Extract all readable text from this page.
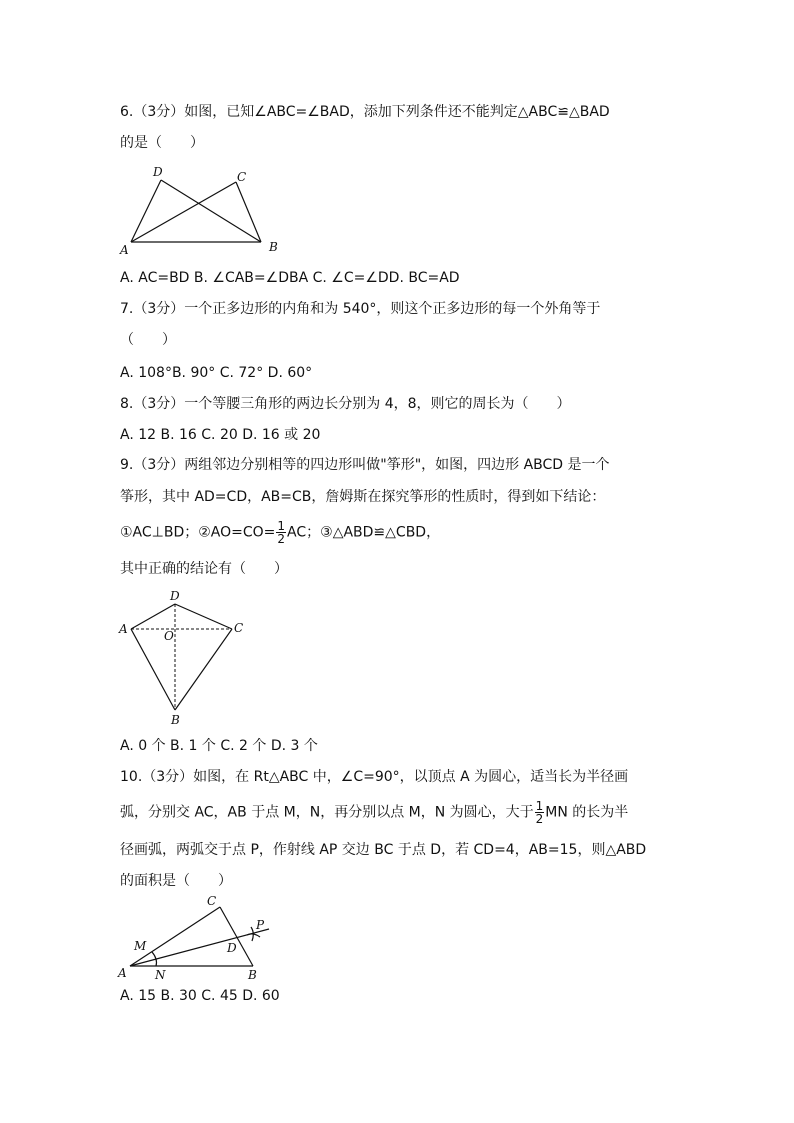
6.（3分）如图，已知∠ABC=∠BAD，添加下列条件还不能判定△ABC≌△BAD
的是（　　）
A	B
C
D
A. AC=BD B. ∠CAB=∠DBA C. ∠C=∠DD. BC=AD
7.（3分）一个正多边形的内角和为 540°，则这个正多边形的每一个外角等于
（　　）
A. 108°B. 90° C. 72° D. 60°
8.（3分）一个等腰三角形的两边长分别为 4，8，则它的周长为（　　）
A. 12 B. 16 C. 20 D. 16 或 20
9.（3分）两组邻边分别相等的四边形叫做"筝形"，如图，四边形 ABCD 是一个
筝形，其中 AD=CD，AB=CB，詹姆斯在探究筝形的性质时，得到如下结论：
①AC⊥BD；②AO=CO= $\frac{1}{2}$ AC；③△ABD≌△CBD，
其中正确的结论有（　　）
A	C
D
B
O
A. 0 个 B. 1 个 C. 2 个 D. 3 个
10.（3分）如图，在 Rt△ABC 中，∠C=90°，以顶点 A 为圆心，适当长为半径画
弧，分别交 AC，AB 于点 M，N，再分别以点 M，N 为圆心，大于 $\frac{1}{2}$ MN 的长为半
径画弧，两弧交于点 P，作射线 AP 交边 BC 于点 D，若 CD=4，AB=15，则△ABD
的面积是（　　）
A	B
C
D
M
N
P
A. 15 B. 30 C. 45 D. 60
